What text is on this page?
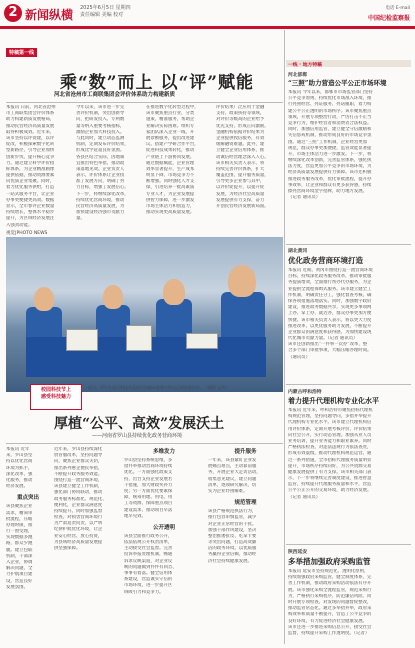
2 新闻纵横 2025年6月5日 星期四
责任编辑 美编 校对
电话 E-mail
中国纪检监察报
特稿第一线
乘“数”而上 以“评”赋能
河北省沧州市工商联集团会评价体系助力构建新质
本报讯 日前，河北省沧州
市工商联集团会评价体系
助力构建新质发展格局，
推动民营经济高质量发展
取得积极成效。近年来，
该市坚持以评促建，以评
促改，积极探索数字化转
型新路径，引导企业加快
创新步伐，提升核心竞争
力。通过建立科学评价指
标体系，为企业精准画像
提供依据，推动资源要素
向优质企业集聚。同时，
着力优化服务供给，打造
一站式服务平台，让企业
办事更便捷更高效。数据
显示，全市参评企业数量
持续增长，整体水平稳步
提升，为区域经济发展注
入强劲动能。
今年以来，该市进一步完
善评价机制，突出创新导
向，把研发投入、专利数
量等纳入重要考核指标，
激励企业加大科技投入。
与此同时，建立动态监测
机制，定期发布评价结果，
形成比学赶超良好氛围。
各县区结合实际，因地制
宜推出特色举措，推动政
策落地见效。企业负责人
表示，评价体系让企业找
准了发展方向，明确了努
力目标，增强了发展信心。
下一步，将继续深化改革，
持续优化营商环境，推动
民营经济高质量发展，为
加快建设经济强市贡献力
量。
在推进数字化转型过程中，
该市聚焦重点行业，分类
施策，精准服务，帮助企
业解决实际困难。组织专
家团队深入企业一线，开
展诊断服务，提出改进建
议。搭建产学研合作平台，
促进科技成果转化，推动
产业链上下游协同发展。
通过数据赋能，企业管理
效率显著提升，生产成本
明显下降，市场竞争力不
断增强。同时强化人才支
撑，引进培养一批高素质
专业人才，为企业发展提
供智力保障，进一步激发
市场主体活力和创造力，
推动实现更高质量发展。
评价结果广泛应用于金融
支持、政策扶持等领域，
对评价等级高的企业给予
优先支持，形成正向激励。
金融机构依据评价结果为
企业提供授信服务，有效
缓解融资难题。此外，建
立健全企业信用体系，推
动诚信经营理念深入人心。
该市相关负责人表示，将
持续完善评价体系，扩大
覆盖范围，提升服务质量，
引导更多企业参与其中，
以评价促提升，以提升促
发展，为经济社会高质量
发展提供有力支撑，奋力
开创民营经济发展新局面。
视觉|PHOTO NEWS
校园科技节上
感受科技魅力
近日，学生在展示科技作品时兴奋地向老师介绍自己的创意设计。（摄影 记者）
厚植“公平、高效”发展沃土
——河南省罗山县持续优化政务营商环境
本报讯 近年
来，罗山县坚
持以优化营商
环境为抓手，
深化改革，强
化服务，推动
经济发展。
重点突出
该县聚焦企业
需求，精简审
批流程，压缩
办理时限，推
行一窗受理，
实现数据多跑
路，群众少跑
腿。建立包联
机制，干部深
入企业，协调
解决问题，全
力护航项目建
设，营造良好
发展氛围。
近年来，罗山县持续深化
放管服改革，坚持问题导
向，聚焦企业群众关切，
推出系列惠企便民举措，
不断提升政务服务效能。
围绕打造一流营商环境，
该县建立健全工作机制，
强化部门协同联动，推动
政务服务标准化、规范化、
便利化，企业群众满意度
持续提升。同时加强监督
检查，对损害营商环境行
为严肃追责问责，以严明
纪律护航优化环境，让企
业安心经营、放心投资，
为县域经济高质量发展提
供坚强保障。
多维发力
罗山县坚持系统思维，多
措并举推动营商环境持续
优化。一方面强化政策支
持，出台支持企业发展若
干措施，加大财政奖补力
度；另一方面优化要素保
障，统筹用地、用电、用
工等资源，保障重点项目
建设需求，推动项目早落
地早见效。
公开透明
该县全面推行政务公开，
依法依规公开权责清单，
主动接受社会监督。完善
投诉举报处理机制，畅通
诉求反映渠道，对企业反
映的问题做到件件有回音、
事事有着落。健全信用体
系建设，营造诚实守信的
市场环境，进一步提升区
域吸引力和竞争力。
提升服务
一年来，该县紧盯企业发
展痛点难点，主动靠前服
务，开展企业大走访活动，
收集意见建议，建立问题
清单，逐项研究解决，切
实为企业纾困解难。
规范管理
该县严格规范执法行为，
推行包容审慎监管，减少
对企业正常经营的干扰。
加强干部作风建设，坚决
整治推诿扯皮、吃拿卡要
等突出问题，打造高效廉
洁的政务环境，以优质服
务赢得企业信赖，推动经
济社会持续健康发展。
一线 · 地方特稿
河北邯郸
“三照”助力营造公平公正市场环境
本报讯 今年以来，邯郸市市场监管部门坚持
公平竞争原则，持续优化市场准入环境，推
行亮照经营、亮证服务、亮诺履职，着力构
建公平公正透明的市场秩序。该市聚焦重点
领域，开展专项整治行动，严厉打击不正当
竞争行为，维护经营者和消费者合法权益。
同时，加强信用监管，建立健全守信激励和
失信惩戒机制，推动形成良好的市场竞争氛
围。通过“三照”工作机制，企业经营更加
规范，群众办事更加便捷，监管效能显著提
升，市场主体活力进一步激发。下一步，将
继续深化改革创新，完善监管体系，强化执
法力度，营造更加公平竞争的市场环境，为
经济高质量发展提供有力保障。该市还积极
推进政务服务改革，优化审批流程，提升办
事效率，让企业和群众有更多获得感，持续
擦亮营商环境金字招牌，助力地方发展。
（记者 通讯员）
湖北黄冈
优化政务营商环境打造
本报讯 近期，黄冈市围绕打造一流营商环境
目标，持续深化政务服务改革，推动审批服
务提质增效，全面推行帮办代办服务，为企
业提供全流程保姆式服务。该市建立健全工
作机制，明确责任分工，强化督查考核，确
保各项措施落地落实。同时，加强数字政府
建设，推进政务数据共享，实现更多事项网
上办、掌上办、就近办，群众办事更加方便
快捷。该市相关负责人表示，将以更大力度
推进改革，以更优服务助力发展，不断提升
企业群众的满意度和获得感，为加快建设现
代化城市贡献力量。（记者 通讯员）
该市还创新推出“一件事一次办”改革，整
合多个部门审批事项，大幅压缩办理时间。
（通讯员）
内蒙古呼和浩特
着力提升代理机构专业化水平
本报讯 近年来，呼和浩特市聚焦招标代理机
构规范管理，坚持问题导向，多措并举提升
代理机构专业化水平。该市建立代理机构信
用评价体系，定期开展考核评价，评价结果
向社会公开，实行动态管理。加强从业人员
业务培训，提升业务能力和职业素养。同时
严格执法检查，对违法违规行为依法查处，
形成有效震慑，推动代理机构规范运营。通
过一系列措施，全市招标代理服务质量明显
提升，市场秩序持续向好，为公共资源交易
健康发展提供了有力支撑。该市相关部门表
示，下一步将继续完善制度建设，推进智慧
监管，持续提升代理服务质量和水平，营造
公平公正公开的交易环境，助力经济发展。
（记者 通讯员）
陕西延安
多举措加强政府采购监管
本报讯 延安市坚持规范化、透明化原则，
持续加强政府采购监管，健全制度体系，完
善工作机制，推动政府采购活动依法有序开
展。该市强化采购全流程监管，规范采购行
为，严格执行采购程序，防范廉洁风险。同
时开展专项检查，对发现的问题督促整改，
推动监管常态化。通过多举措并举，政府采
购效率和质量不断提升，营造了公平竞争的
良好环境，有力促进经济社会健康发展。
该市还进一步推进采购信息公开，接受社会
监督，持续提升采购工作透明度。（记者）
